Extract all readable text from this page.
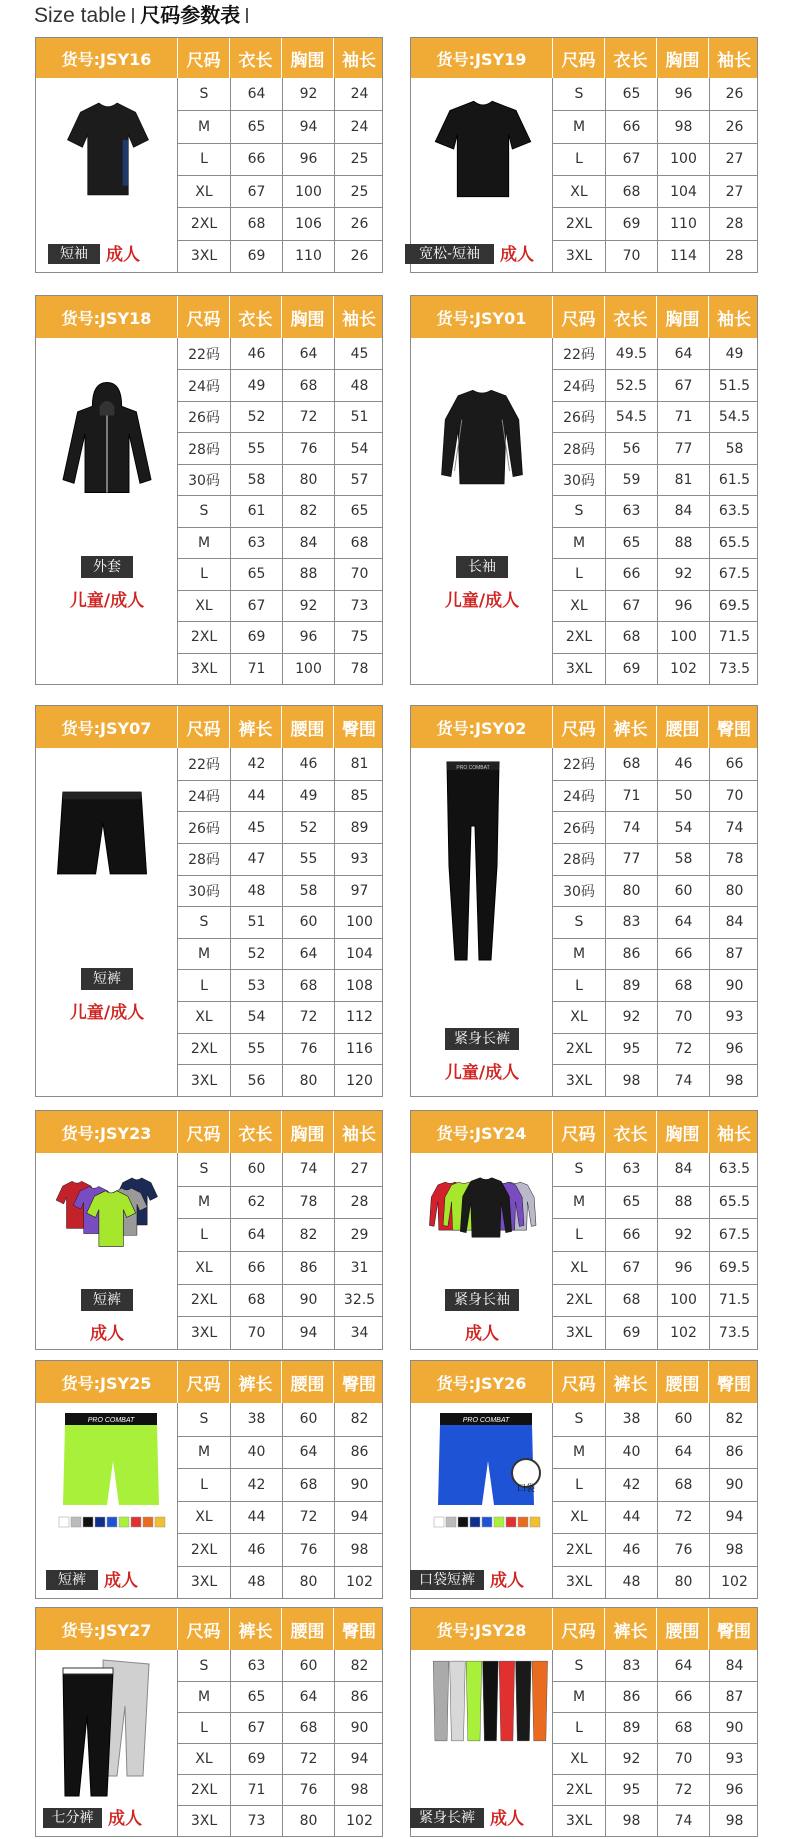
Size table 尺码参数表
货号:JSY16	尺码	衣长	胸围	袖长
短袖	成人
S	64	92	24
M	65	94	24
L	66	96	25
XL	67	100	25
2XL	68	106	26
3XL	69	110	26
货号:JSY19	尺码	衣长	胸围	袖长
宽松-短袖	成人
S	65	96	26
M	66	98	26
L	67	100	27
XL	68	104	27
2XL	69	110	28
3XL	70	114	28
货号:JSY18	尺码	衣长	胸围	袖长
外套
儿童/成人
22码	46	64	45
24码	49	68	48
26码	52	72	51
28码	55	76	54
30码	58	80	57
S	61	82	65
M	63	84	68
L	65	88	70
XL	67	92	73
2XL	69	96	75
3XL	71	100	78
货号:JSY01	尺码	衣长	胸围	袖长
长袖
儿童/成人
22码	49.5	64	49
24码	52.5	67	51.5
26码	54.5	71	54.5
28码	56	77	58
30码	59	81	61.5
S	63	84	63.5
M	65	88	65.5
L	66	92	67.5
XL	67	96	69.5
2XL	68	100	71.5
3XL	69	102	73.5
货号:JSY07	尺码	裤长	腰围	臀围
短裤
儿童/成人
22码	42	46	81
24码	44	49	85
26码	45	52	89
28码	47	55	93
30码	48	58	97
S	51	60	100
M	52	64	104
L	53	68	108
XL	54	72	112
2XL	55	76	116
3XL	56	80	120
货号:JSY02	尺码	裤长	腰围	臀围
PRO COMBAT
紧身长裤
儿童/成人
22码	68	46	66
24码	71	50	70
26码	74	54	74
28码	77	58	78
30码	80	60	80
S	83	64	84
M	86	66	87
L	89	68	90
XL	92	70	93
2XL	95	72	96
3XL	98	74	98
货号:JSY23	尺码	衣长	胸围	袖长
短裤
成人
S	60	74	27
M	62	78	28
L	64	82	29
XL	66	86	31
2XL	68	90	32.5
3XL	70	94	34
货号:JSY24	尺码	衣长	胸围	袖长
紧身长袖
成人
S	63	84	63.5
M	65	88	65.5
L	66	92	67.5
XL	67	96	69.5
2XL	68	100	71.5
3XL	69	102	73.5
货号:JSY25	尺码	裤长	腰围	臀围
PRO COMBAT
短裤	成人
S	38	60	82
M	40	64	86
L	42	68	90
XL	44	72	94
2XL	46	76	98
3XL	48	80	102
货号:JSY26	尺码	裤长	腰围	臀围
PRO COMBAT
口袋
口袋短裤 成人
S	38	60	82
M	40	64	86
L	42	68	90
XL	44	72	94
2XL	46	76	98
3XL	48	80	102
货号:JSY27	尺码	裤长	腰围	臀围
七分裤 成人
S	63	60	82
M	65	64	86
L	67	68	90
XL	69	72	94
2XL	71	76	98
3XL	73	80	102
货号:JSY28	尺码	裤长	腰围	臀围
紧身长裤 成人
S	83	64	84
M	86	66	87
L	89	68	90
XL	92	70	93
2XL	95	72	96
3XL	98	74	98
